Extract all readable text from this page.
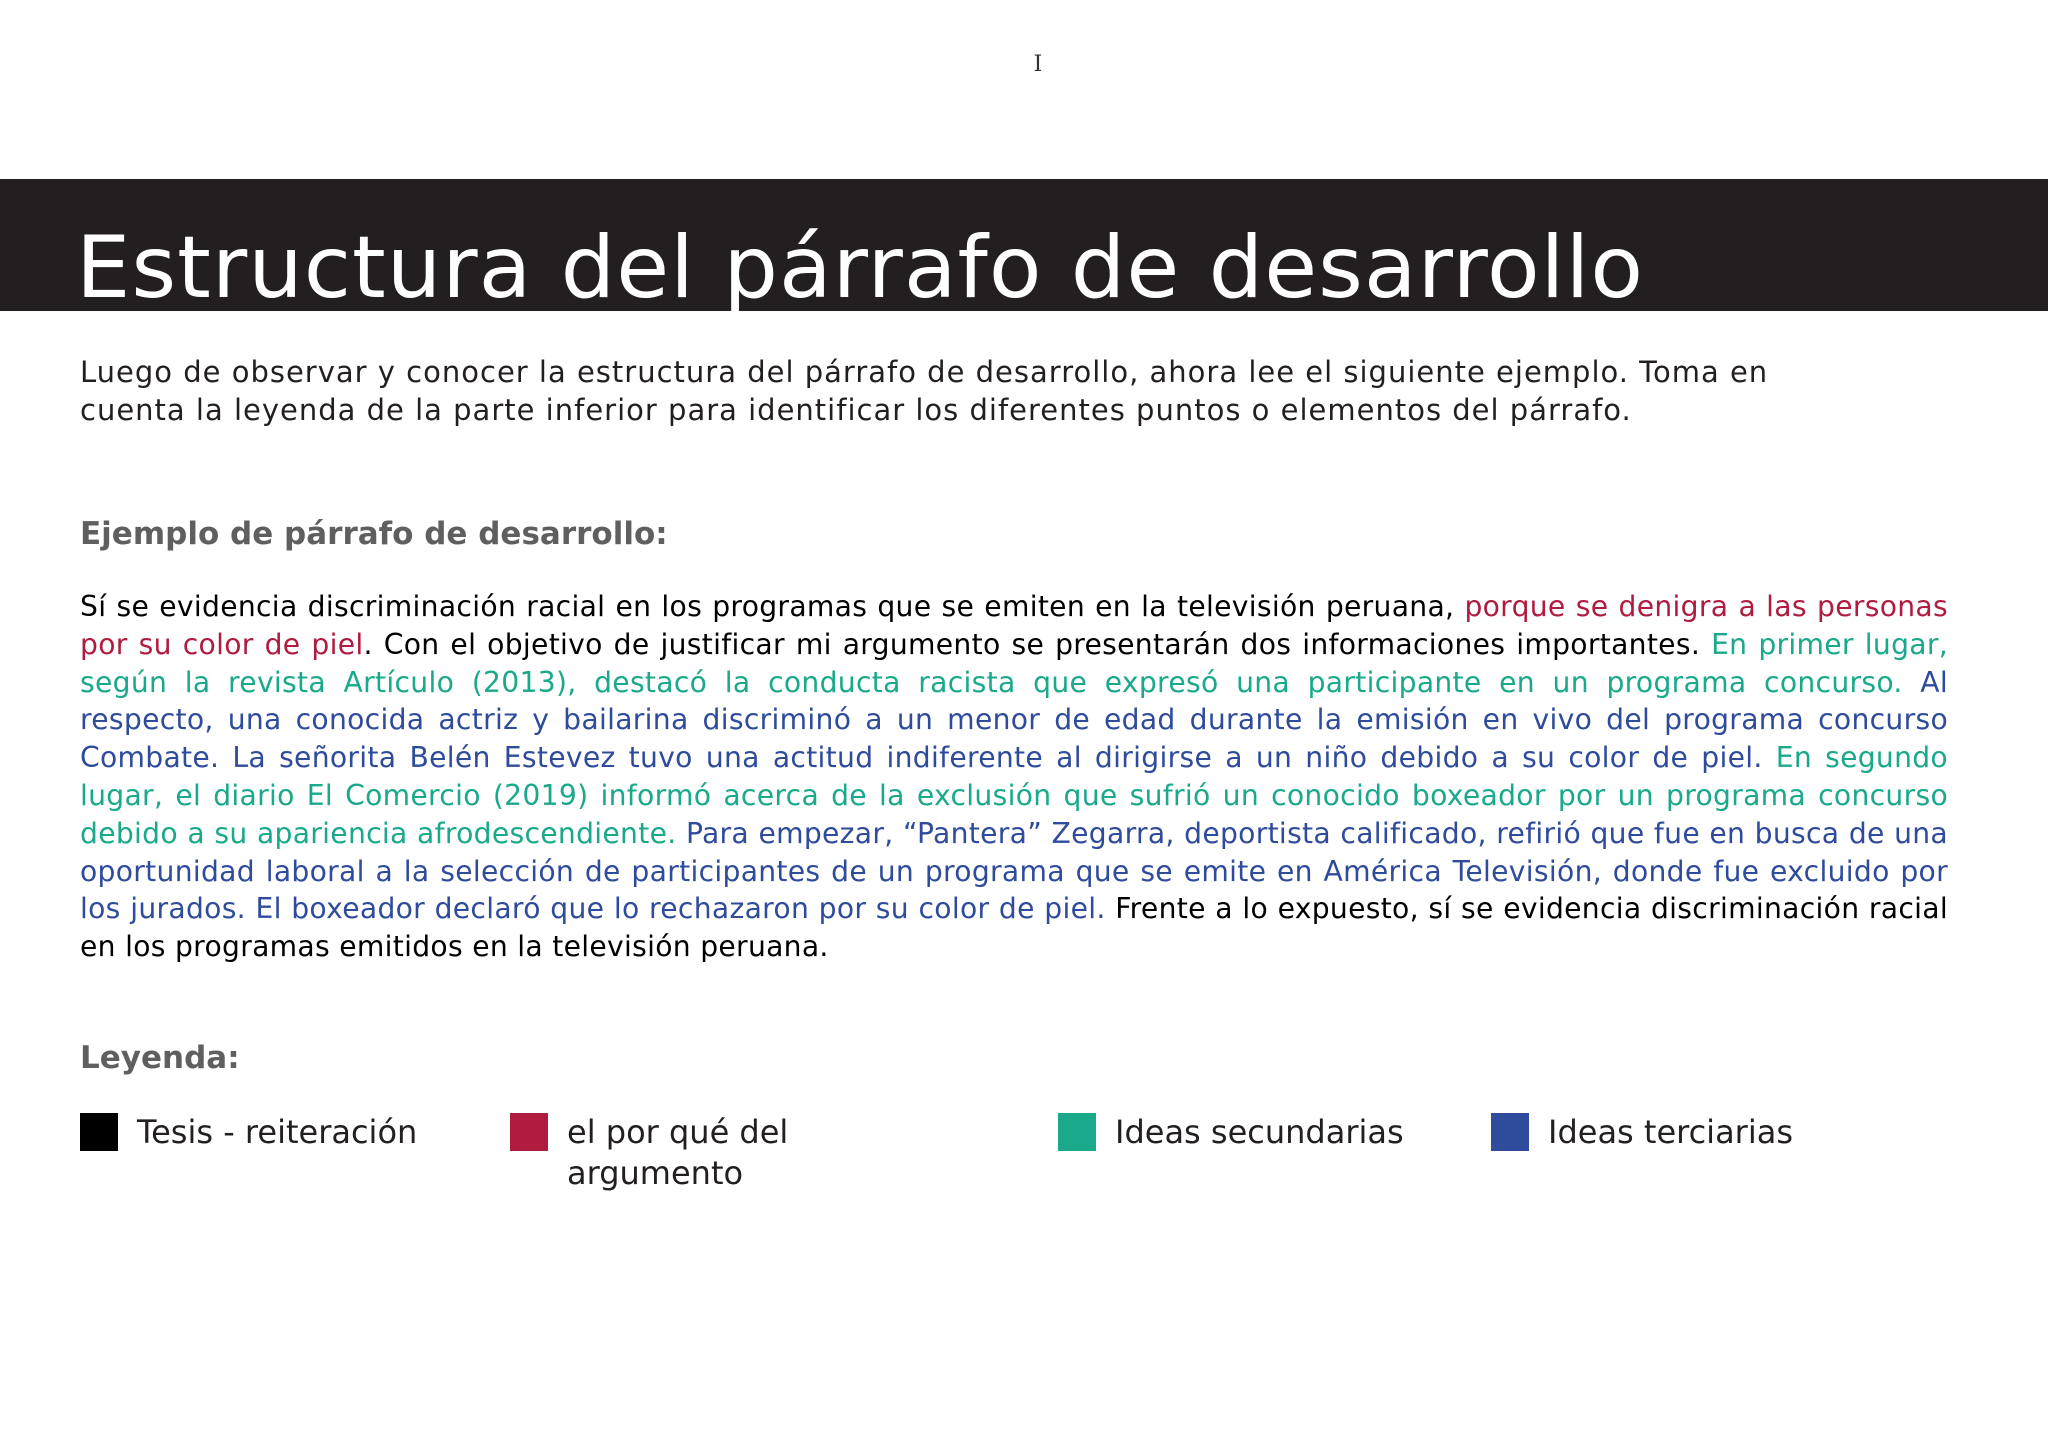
I
Estructura del párrafo de desarrollo

Luego de observar y conocer la estructura del párrafo de desarrollo, ahora lee el siguiente ejemplo. Toma en
cuenta la leyenda de la parte inferior para identificar los diferentes puntos o elementos del párrafo.

Ejemplo de párrafo de desarrollo:

Sí se evidencia discriminación racial en los programas que se emiten en la televisión peruana, porque se denigra a las personas por su color de piel. Con el objetivo de justificar mi argumento se presentarán dos informaciones importantes. En primer lugar, según la revista Artículo (2013), destacó la conducta racista que expresó una participante en un programa concurso. Al respecto, una conocida actriz y bailarina discriminó a un menor de edad durante la emisión en vivo del programa concurso Combate. La señorita Belén Estevez tuvo una actitud indiferente al dirigirse a un niño debido a su color de piel. En segundo lugar, el diario El Comercio (2019) informó acerca de la exclusión que sufrió un conocido boxeador por un programa concurso debido a su apariencia afrodescendiente. Para empezar, “Pantera” Zegarra, deportista calificado, refirió que fue en busca de una oportunidad laboral a la selección de participantes de un programa que se emite en América Televisión, donde fue excluido por los jurados. El boxeador declaró que lo rechazaron por su color de piel. Frente a lo expuesto, sí se evidencia discriminación racial en los programas emitidos en la televisión peruana.

Leyenda:
Tesis - reiteración	el por qué del argumento
Ideas secundarias	Ideas terciarias
